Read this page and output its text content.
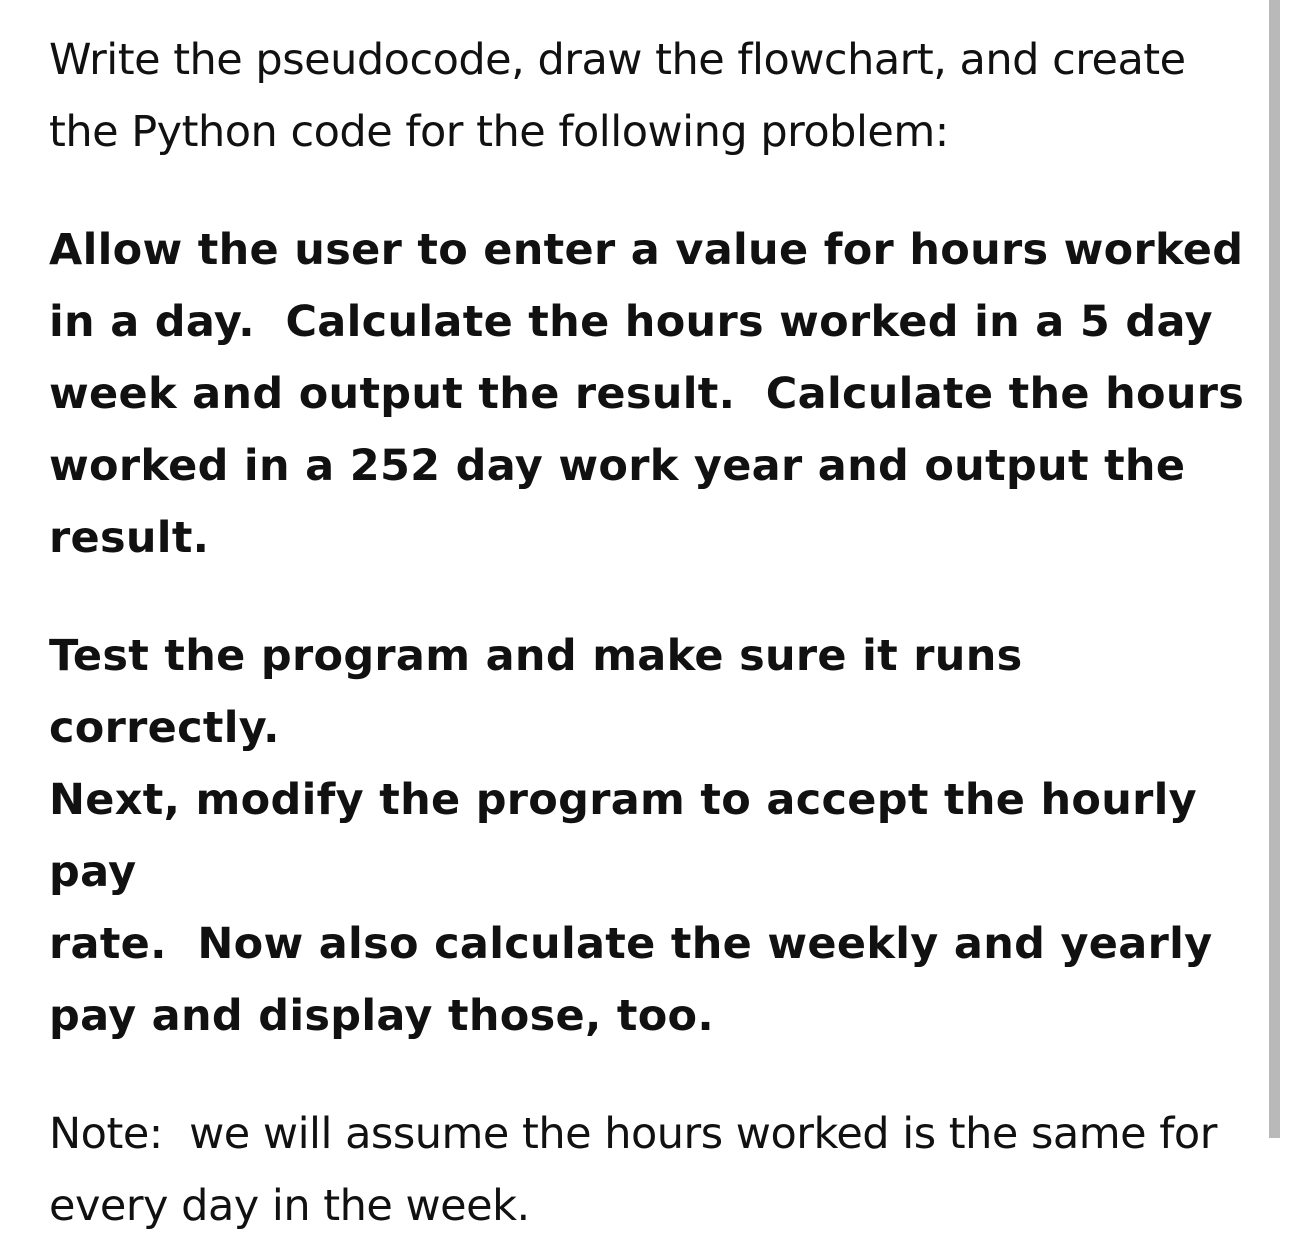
Write the pseudocode, draw the flowchart, and create
the Python code for the following problem:

Allow the user to enter a value for hours worked
in a day.  Calculate the hours worked in a 5 day
week and output the result.  Calculate the hours
worked in a 252 day work year and output the
result.

Test the program and make sure it runs correctly.
Next, modify the program to accept the hourly pay
rate.  Now also calculate the weekly and yearly
pay and display those, too.

Note:  we will assume the hours worked is the same for
every day in the week.
